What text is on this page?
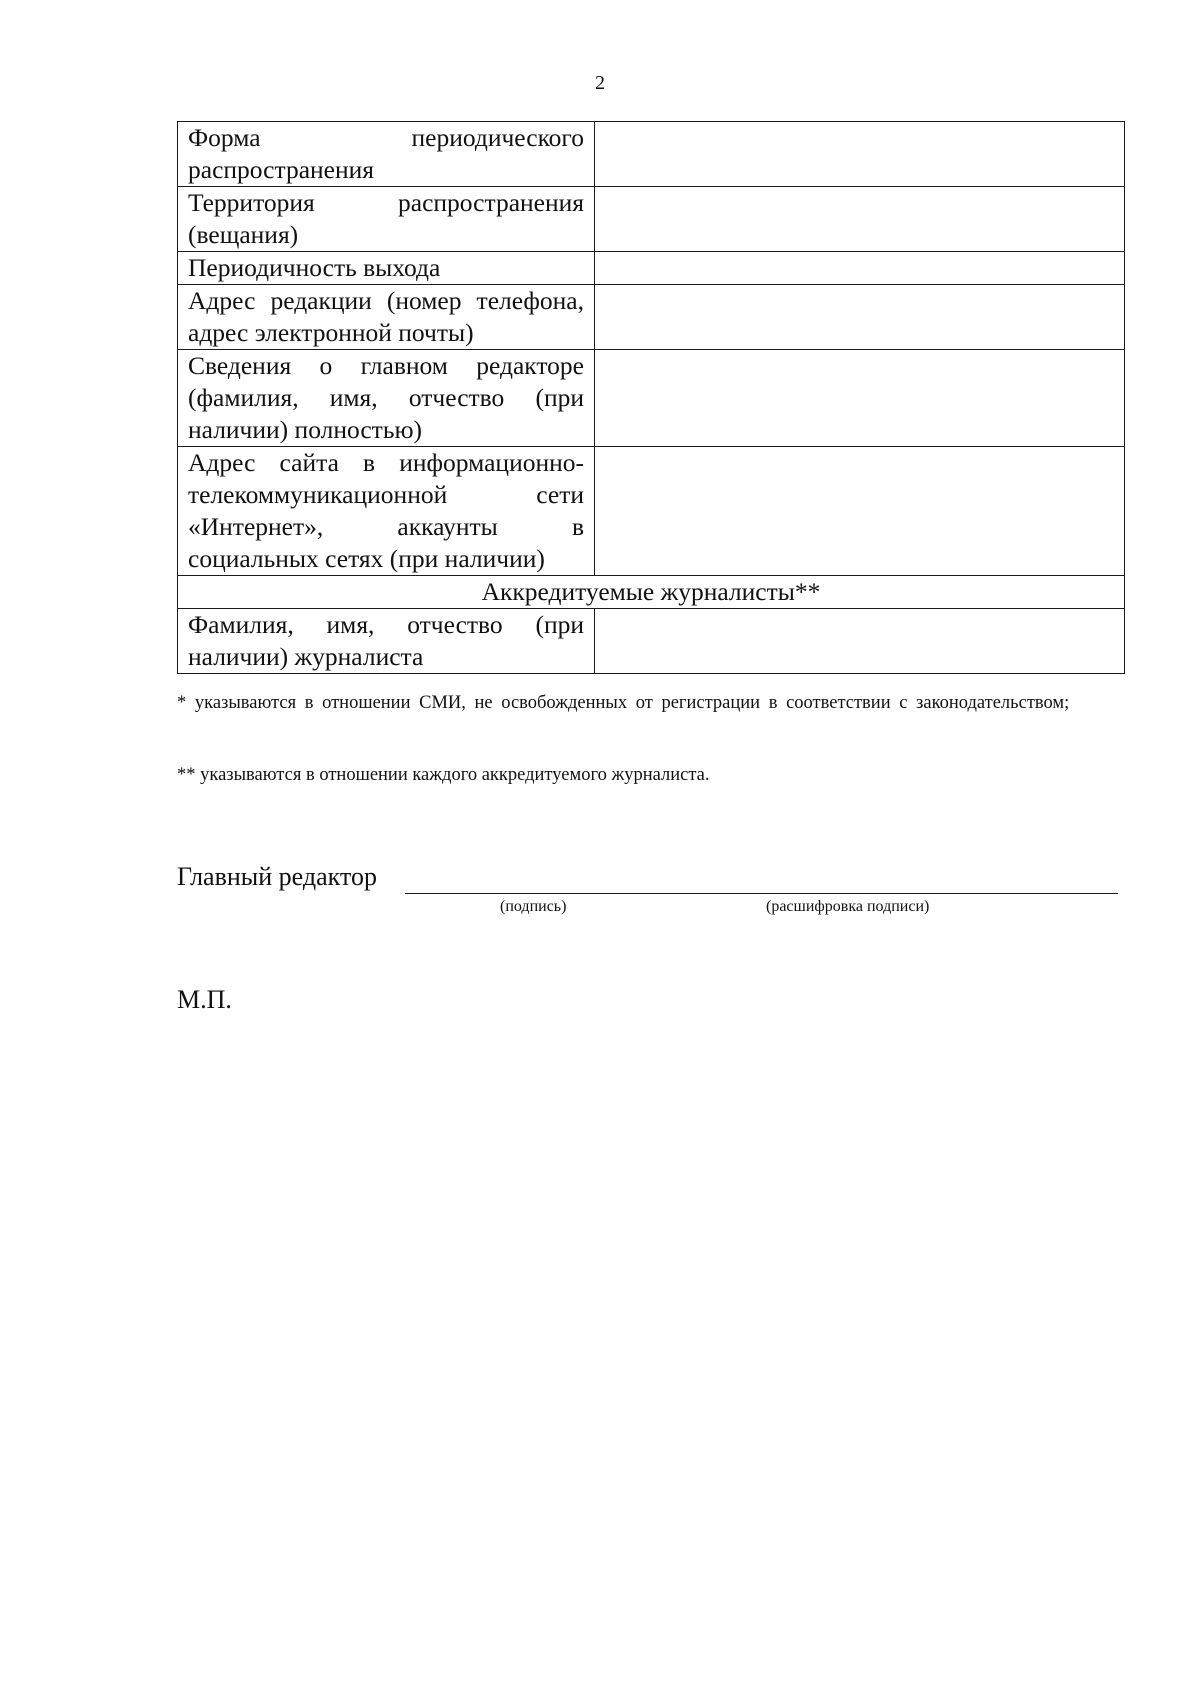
2
Форма периодического распространения	
Территория распространения (вещания)	
Периодичность выхода	
Адрес редакции (номер телефона, адрес электронной почты)	
Сведения о главном редакторе (фамилия, имя, отчество (при наличии) полностью)	
Адрес сайта в информационно-телекоммуникационной сети «Интернет», аккаунты в социальных сетях (при наличии)	
Аккредитуемые журналисты**	
Фамилия, имя, отчество (при наличии) журналиста	
* указываются в отношении СМИ, не освобожденных от регистрации в соответствии с законодательством;
** указываются в отношении каждого аккредитуемого журналиста.
Главный редактор
(подпись)	(расшифровка подписи)
М.П.
